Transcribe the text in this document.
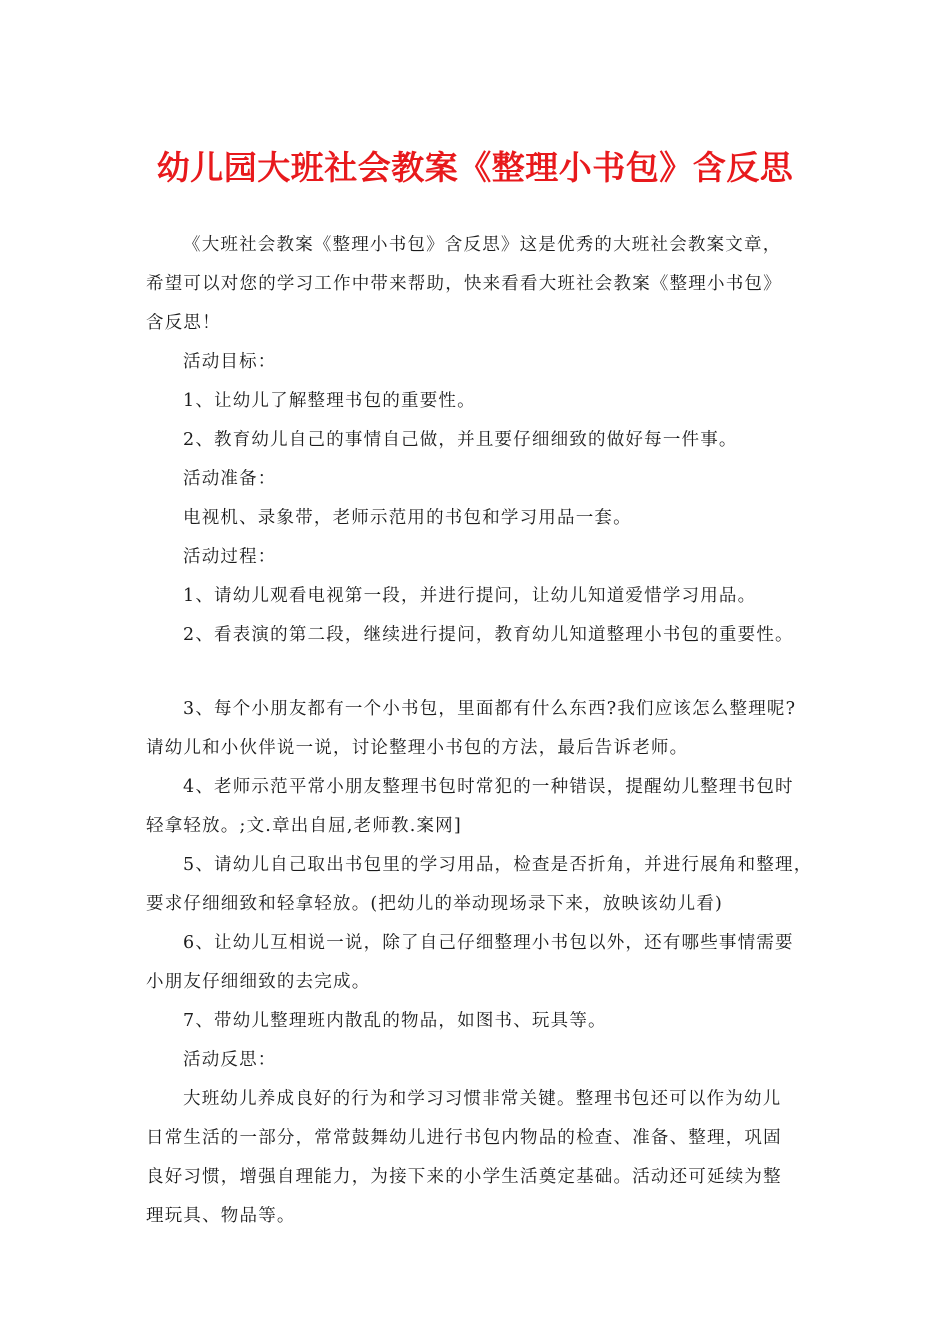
幼儿园大班社会教案《整理小书包》含反思

《大班社会教案《整理小书包》含反思》这是优秀的大班社会教案文章，

希望可以对您的学习工作中带来帮助，快来看看大班社会教案《整理小书包》

含反思！

活动目标：

1、让幼儿了解整理书包的重要性。

2、教育幼儿自己的事情自己做，并且要仔细细致的做好每一件事。

活动准备：

电视机、录象带，老师示范用的书包和学习用品一套。

活动过程：

1、请幼儿观看电视第一段，并进行提问，让幼儿知道爱惜学习用品。

2、看表演的第二段，继续进行提问，教育幼儿知道整理小书包的重要性。

3、每个小朋友都有一个小书包，里面都有什么东西?我们应该怎么整理呢?

请幼儿和小伙伴说一说，讨论整理小书包的方法，最后告诉老师。

4、老师示范平常小朋友整理书包时常犯的一种错误，提醒幼儿整理书包时

轻拿轻放。;文.章出自屈,老师教.案网]

5、请幼儿自己取出书包里的学习用品，检查是否折角，并进行展角和整理，

要求仔细细致和轻拿轻放。(把幼儿的举动现场录下来，放映该幼儿看)

6、让幼儿互相说一说，除了自己仔细整理小书包以外，还有哪些事情需要

小朋友仔细细致的去完成。

7、带幼儿整理班内散乱的物品，如图书、玩具等。

活动反思：

大班幼儿养成良好的行为和学习习惯非常关键。整理书包还可以作为幼儿

日常生活的一部分，常常鼓舞幼儿进行书包内物品的检查、准备、整理，巩固

良好习惯，增强自理能力，为接下来的小学生活奠定基础。活动还可延续为整

理玩具、物品等。
